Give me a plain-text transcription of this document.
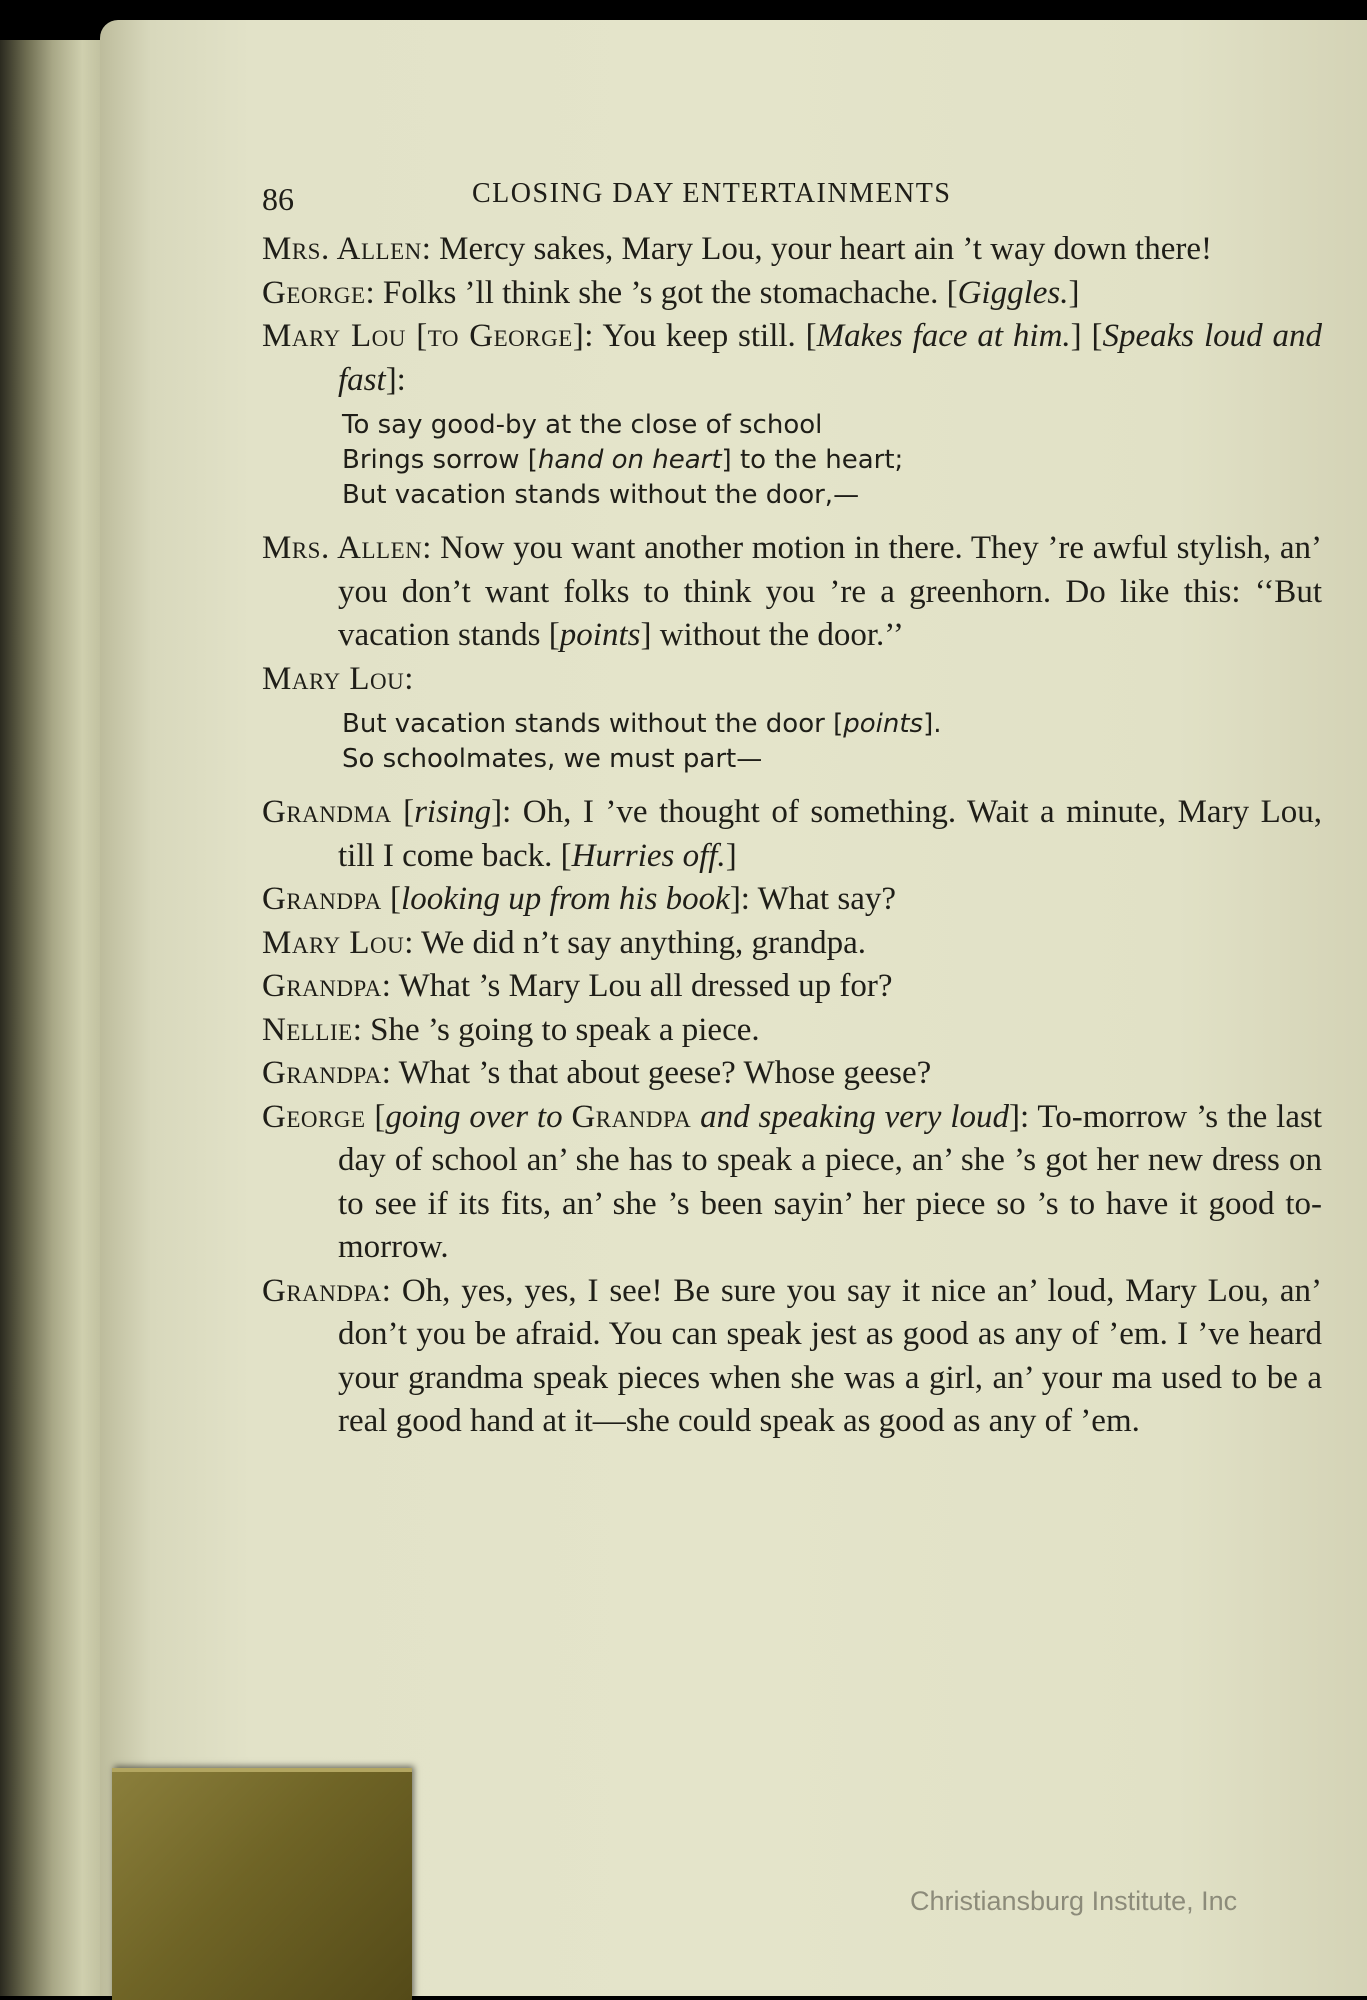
86	CLOSING DAY ENTERTAINMENTS

Mrs. Allen: Mercy sakes, Mary Lou, your heart ain ’t way down there!

George: Folks ’ll think she ’s got the stomachache. [Giggles.]

Mary Lou [to George]: You keep still. [Makes face at him.] [Speaks loud and fast]:

To say good-by at the close of school
Brings sorrow [hand on heart] to the heart;
But vacation stands without the door,—

Mrs. Allen: Now you want another motion in there. They ’re awful stylish, an’ you don’t want folks to think you ’re a greenhorn. Do like this: ‘‘But vacation stands [points] without the door.’’

Mary Lou:

But vacation stands without the door [points].
So schoolmates, we must part—

Grandma [rising]: Oh, I ’ve thought of something. Wait a minute, Mary Lou, till I come back. [Hurries off.]

Grandpa [looking up from his book]: What say?

Mary Lou: We did n’t say anything, grandpa.

Grandpa: What ’s Mary Lou all dressed up for?

Nellie: She ’s going to speak a piece.

Grandpa: What ’s that about geese? Whose geese?

George [going over to Grandpa and speaking very loud]: To-morrow ’s the last day of school an’ she has to speak a piece, an’ she ’s got her new dress on to see if its fits, an’ she ’s been sayin’ her piece so ’s to have it good to-morrow.

Grandpa: Oh, yes, yes, I see! Be sure you say it nice an’ loud, Mary Lou, an’ don’t you be afraid. You can speak jest as good as any of ’em. I ’ve heard your grandma speak pieces when she was a girl, an’ your ma used to be a real good hand at it—she could speak as good as any of ’em.

Christiansburg Institute, Inc
